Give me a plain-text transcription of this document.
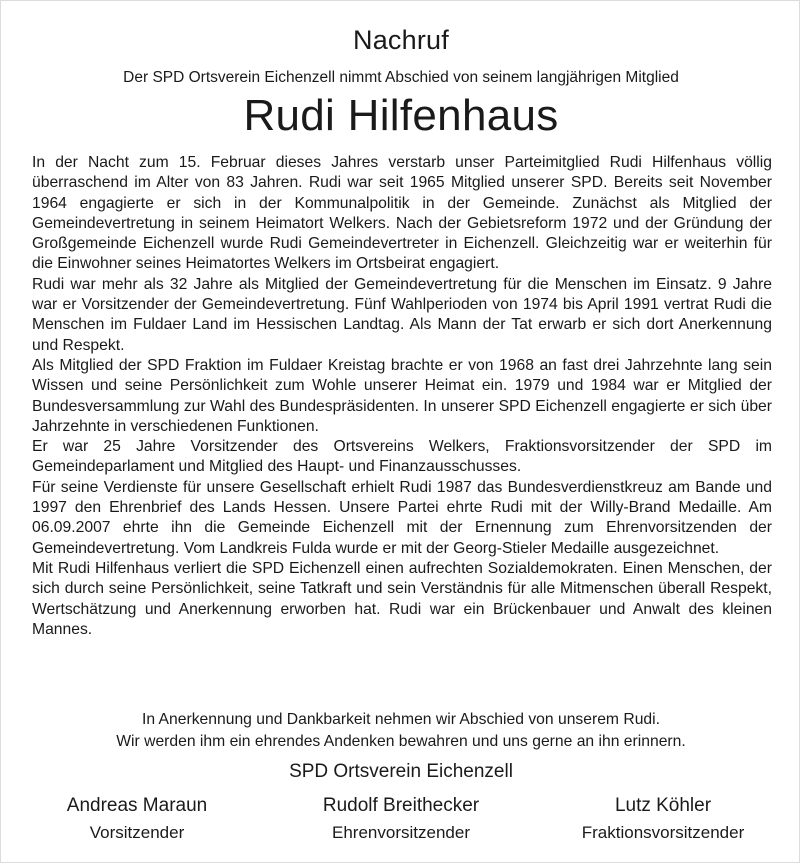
Nachruf
Der SPD Ortsverein Eichenzell nimmt Abschied von seinem langjährigen Mitglied
Rudi Hilfenhaus

In der Nacht zum 15. Februar dieses Jahres verstarb unser Parteimitglied Rudi Hilfenhaus völlig überraschend im Alter von 83 Jahren. Rudi war seit 1965 Mitglied unserer SPD. Bereits seit November 1964 engagierte er sich in der Kommunalpolitik in der Gemeinde. Zunächst als Mitglied der Gemeindevertretung in seinem Heimatort Welkers. Nach der Gebietsreform 1972 und der Gründung der Großgemeinde Eichenzell wurde Rudi Gemeindevertreter in Eichenzell. Gleichzeitig war er weiterhin für die Einwohner seines Heimatortes Welkers im Ortsbeirat engagiert.

Rudi war mehr als 32 Jahre als Mitglied der Gemeindevertretung für die Menschen im Einsatz. 9 Jahre war er Vorsitzender der Gemeindevertretung. Fünf Wahlperioden von 1974 bis April 1991 vertrat Rudi die Menschen im Fuldaer Land im Hessischen Landtag. Als Mann der Tat erwarb er sich dort Anerkennung und Respekt.

Als Mitglied der SPD Fraktion im Fuldaer Kreistag brachte er von 1968 an fast drei Jahrzehnte lang sein Wissen und seine Persönlichkeit zum Wohle unserer Heimat ein. 1979 und 1984 war er Mitglied der Bundesversammlung zur Wahl des Bundespräsidenten. In unserer SPD Eichenzell engagierte er sich über Jahrzehnte in verschiedenen Funktionen.

Er war 25 Jahre Vorsitzender des Ortsvereins Welkers, Fraktionsvorsitzender der SPD im Gemeindeparlament und Mitglied des Haupt- und Finanzausschusses.

Für seine Verdienste für unsere Gesellschaft erhielt Rudi 1987 das Bundesverdienstkreuz am Bande und 1997 den Ehrenbrief des Lands Hessen. Unsere Partei ehrte Rudi mit der Willy-Brand Medaille. Am 06.09.2007 ehrte ihn die Gemeinde Eichenzell mit der Ernennung zum Ehrenvorsitzenden der Gemeindevertretung. Vom Landkreis Fulda wurde er mit der Georg-Stieler Medaille ausgezeichnet.

Mit Rudi Hilfenhaus verliert die SPD Eichenzell einen aufrechten Sozialdemokraten. Einen Menschen, der sich durch seine Persönlichkeit, seine Tatkraft und sein Verständnis für alle Mitmenschen überall Respekt, Wertschätzung und Anerkennung erworben hat. Rudi war ein Brückenbauer und Anwalt des kleinen Mannes.

In Anerkennung und Dankbarkeit nehmen wir Abschied von unserem Rudi.

Wir werden ihm ein ehrendes Andenken bewahren und uns gerne an ihn erinnern.

SPD Ortsverein Eichenzell
Andreas Maraun
Vorsitzender
Rudolf Breithecker
Ehrenvorsitzender
Lutz Köhler
Fraktionsvorsitzender
